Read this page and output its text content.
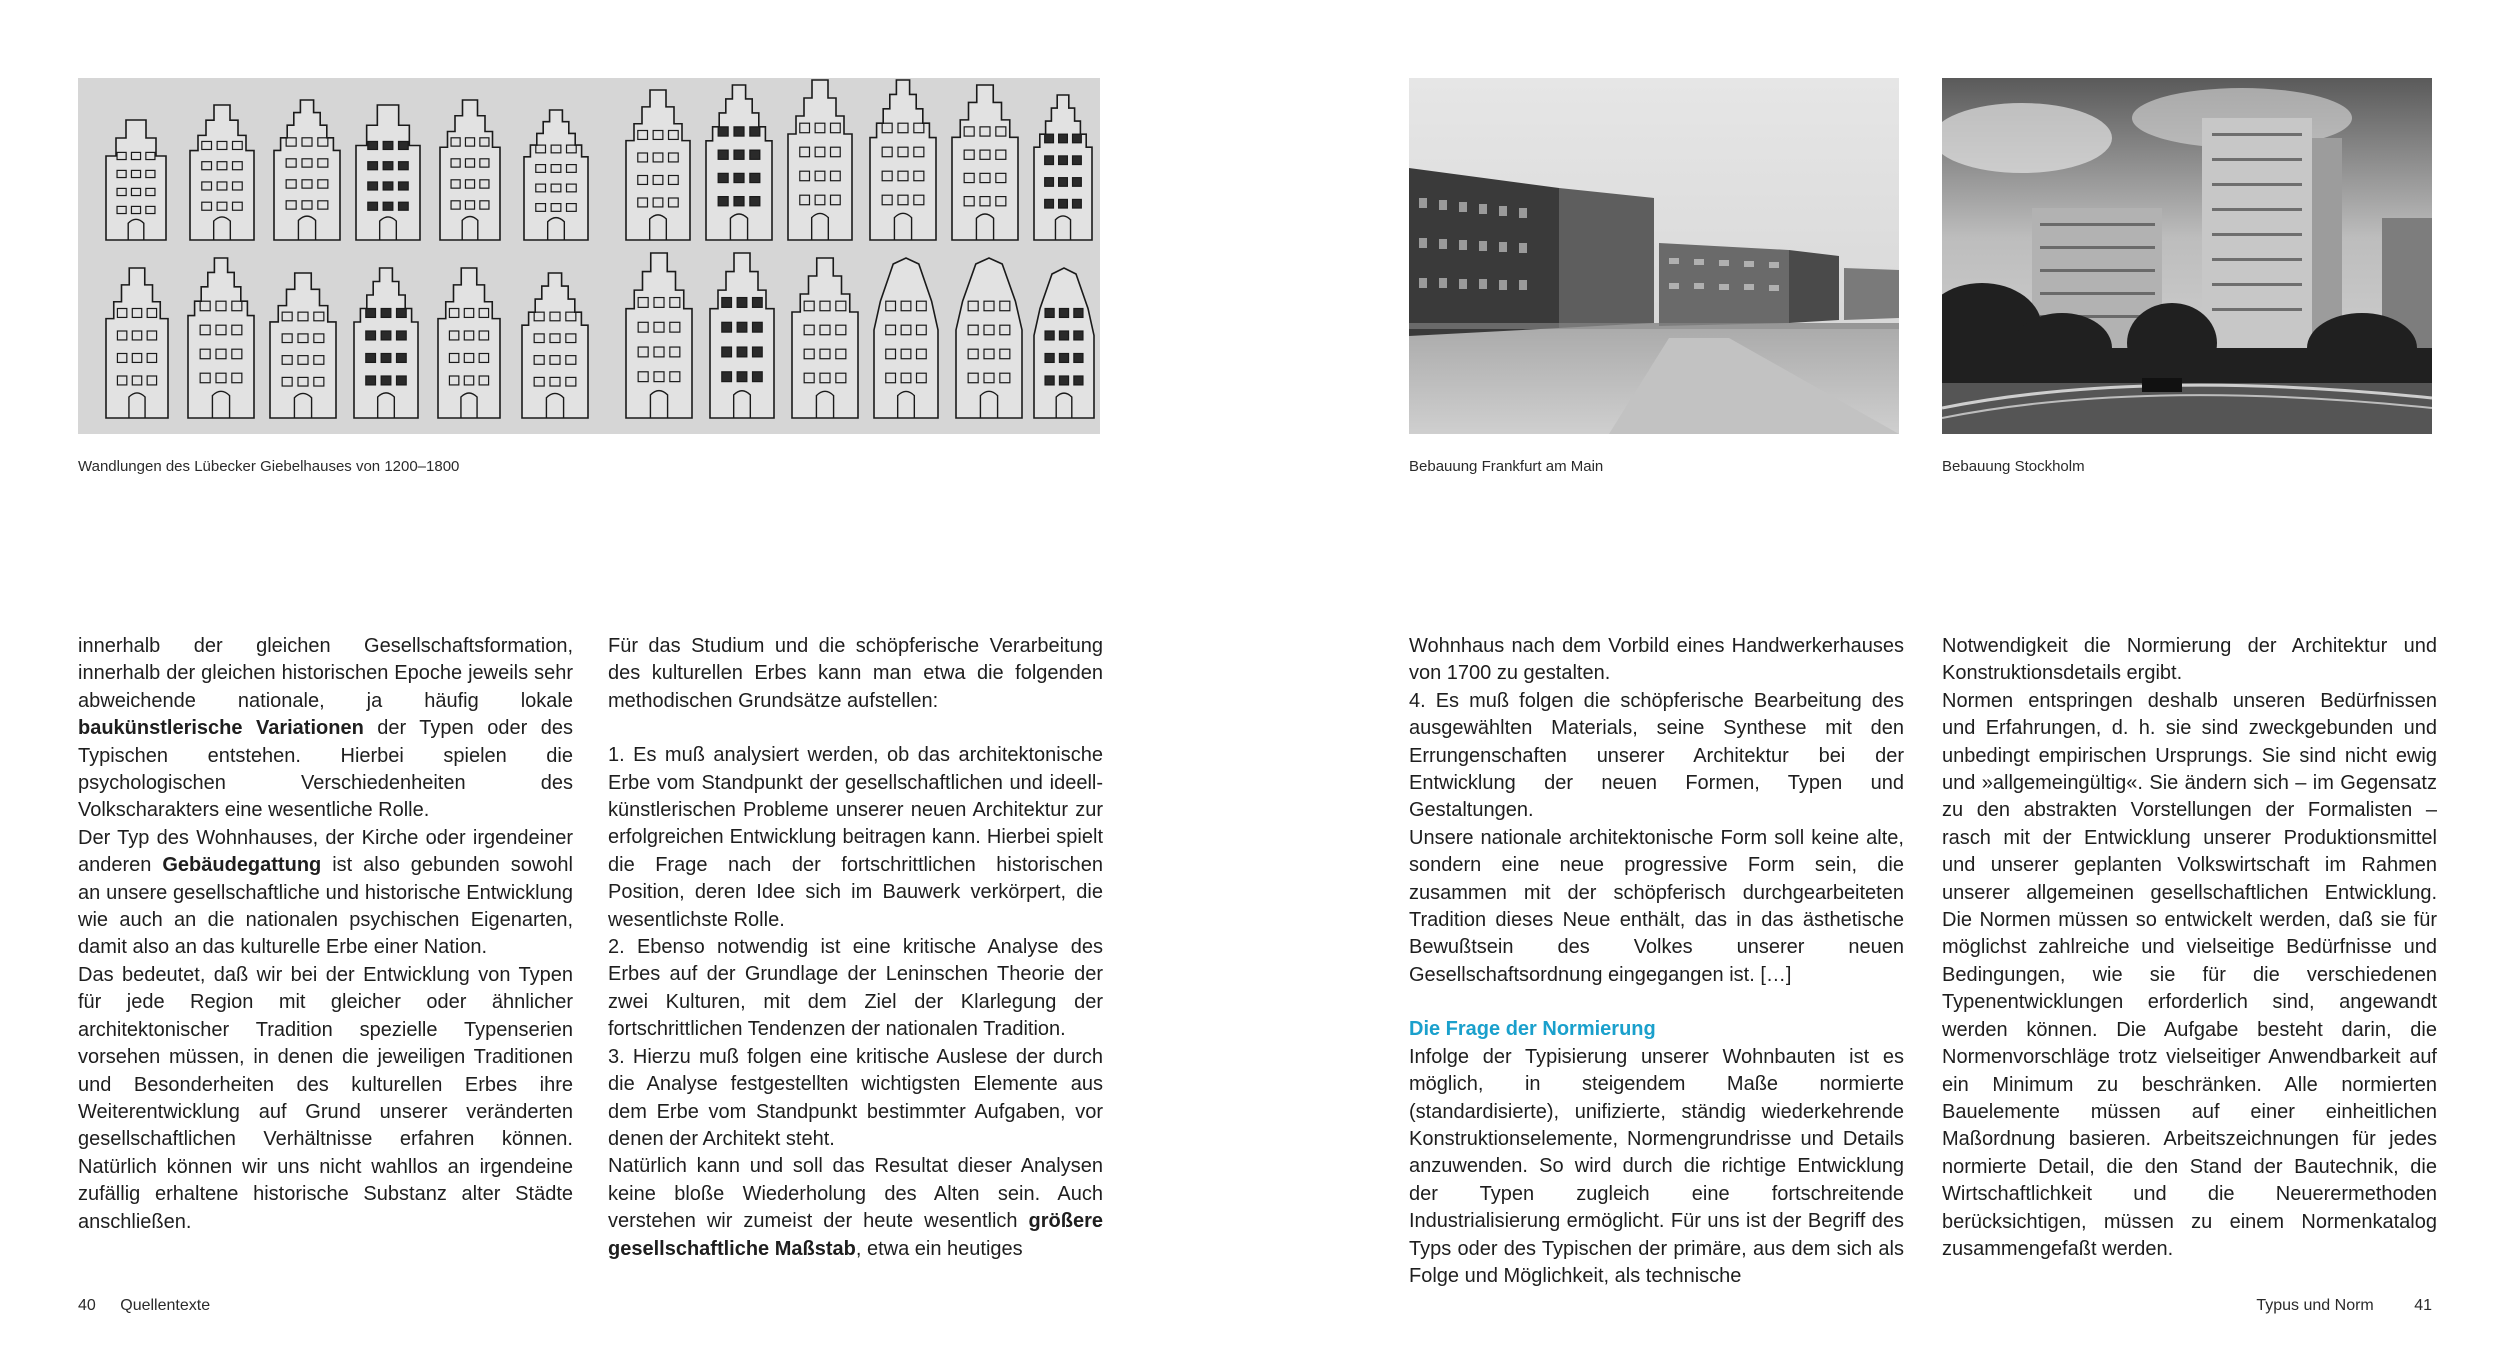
Wandlungen des Lübecker Giebelhauses von 1200–1800

innerhalb der gleichen Gesellschaftsformation, innerhalb der gleichen historischen Epoche jeweils sehr abweichende nationale, ja häufig lokale baukünstlerische Variationen der Typen oder des Typischen entstehen. Hierbei spielen die psychologischen Verschiedenheiten des Volkscharakters eine wesentliche Rolle.

Der Typ des Wohnhauses, der Kirche oder irgendeiner anderen Gebäudegattung ist also gebunden sowohl an unsere gesellschaftliche und historische Entwicklung wie auch an die nationalen psychischen Eigenarten, damit also an das kulturelle Erbe einer Nation.

Das bedeutet, daß wir bei der Entwicklung von Typen für jede Region mit gleicher oder ähnlicher architektonischer Tradition spezielle Typenserien vorsehen müssen, in denen die jeweiligen Traditionen und Besonderheiten des kulturellen Erbes ihre Weiterentwicklung auf Grund unserer veränderten gesellschaftlichen Verhältnisse erfahren können. Natürlich können wir uns nicht wahllos an irgendeine zufällig erhaltene historische Substanz alter Städte anschließen.

Für das Studium und die schöpferische Verarbeitung des kulturellen Erbes kann man etwa die folgenden methodischen Grundsätze aufstellen:

1. Es muß analysiert werden, ob das architektonische Erbe vom Standpunkt der gesellschaftlichen und ideell-künstlerischen Probleme unserer neuen Architektur zur erfolgreichen Entwicklung beitragen kann. Hierbei spielt die Frage nach der fortschrittlichen historischen Position, deren Idee sich im Bauwerk verkörpert, die wesentlichste Rolle.

2. Ebenso notwendig ist eine kritische Analyse des Erbes auf der Grundlage der Leninschen Theorie der zwei Kulturen, mit dem Ziel der Klarlegung der fortschrittlichen Tendenzen der nationalen Tradition.

3. Hierzu muß folgen eine kritische Auslese der durch die Analyse festgestellten wichtigsten Elemente aus dem Erbe vom Standpunkt bestimmter Aufgaben, vor denen der Architekt steht.

Natürlich kann und soll das Resultat dieser Analysen keine bloße Wiederholung des Alten sein. Auch verstehen wir zumeist der heute wesentlich größere gesellschaftliche Maßstab, etwa ein heutiges

40 Quellentexte
Bebauung Frankfurt am Main	Bebauung Stockholm

Wohnhaus nach dem Vorbild eines Handwerkerhauses von 1700 zu gestalten.

4. Es muß folgen die schöpferische Bearbeitung des ausgewählten Materials, seine Synthese mit den Errungenschaften unserer Architektur bei der Entwicklung der neuen Formen, Typen und Gestaltungen.

Unsere nationale architektonische Form soll keine alte, sondern eine neue progressive Form sein, die zusammen mit der schöpferisch durchgearbeiteten Tradition dieses Neue enthält, das in das ästhetische Bewußtsein des Volkes unserer neuen Gesellschaftsordnung eingegangen ist. […]

Die Frage der Normierung

Infolge der Typisierung unserer Wohnbauten ist es möglich, in steigendem Maße normierte (standardisierte), unifizierte, ständig wiederkehrende Konstruktionselemente, Normengrundrisse und Details anzuwenden. So wird durch die richtige Entwicklung der Typen zugleich eine fortschreitende Industrialisierung ermöglicht. Für uns ist der Begriff des Typs oder des Typischen der primäre, aus dem sich als Folge und Möglichkeit, als technische

Notwendigkeit die Normierung der Architektur und Konstruktionsdetails ergibt.

Normen entspringen deshalb unseren Bedürfnissen und Erfahrungen, d. h. sie sind zweckgebunden und unbedingt empirischen Ursprungs. Sie sind nicht ewig und »allgemeingültig«. Sie ändern sich – im Gegensatz zu den abstrakten Vorstellungen der Formalisten – rasch mit der Entwicklung unserer Produktionsmittel und unserer geplanten Volkswirtschaft im Rahmen unserer allgemeinen gesellschaftlichen Entwicklung. Die Normen müssen so entwickelt werden, daß sie für möglichst zahlreiche und vielseitige Bedürfnisse und Bedingungen, wie sie für die verschiedenen Typenentwicklungen erforderlich sind, angewandt werden können. Die Aufgabe besteht darin, die Normenvorschläge trotz vielseitiger Anwendbarkeit auf ein Minimum zu beschränken. Alle normierten Bauelemente müssen auf einer einheitlichen Maßordnung basieren. Arbeitszeichnungen für jedes normierte Detail, die den Stand der Bautechnik, die Wirtschaftlichkeit und die Neuerermethoden berücksichtigen, müssen zu einem Normenkatalog zusammengefaßt werden.

Typus und Norm	41
